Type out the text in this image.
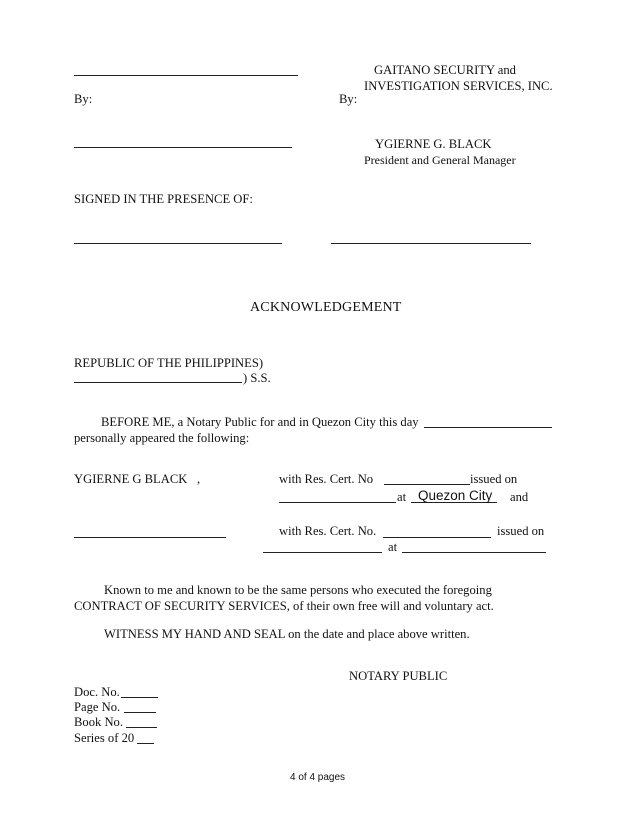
GAITANO SECURITY and
INVESTIGATION SERVICES, INC.
By:	By:
YGIERNE G. BLACK
President and General Manager
SIGNED IN THE PRESENCE OF:
ACKNOWLEDGEMENT
REPUBLIC OF THE PHILIPPINES)
) S.S.
BEFORE ME, a Notary Public for and in Quezon City this day
personally appeared the following:
YGIERNE G BLACK ,	with Res. Cert. No	issued on
at Quezon City and
with Res. Cert. No.	issued on
at
Known to me and known to be the same persons who executed the foregoing
CONTRACT OF SECURITY SERVICES, of their own free will and voluntary act.
WITNESS MY HAND AND SEAL on the date and place above written.
NOTARY PUBLIC
Doc. No.
Page No.
Book No.
Series of 20
4 of 4 pages
